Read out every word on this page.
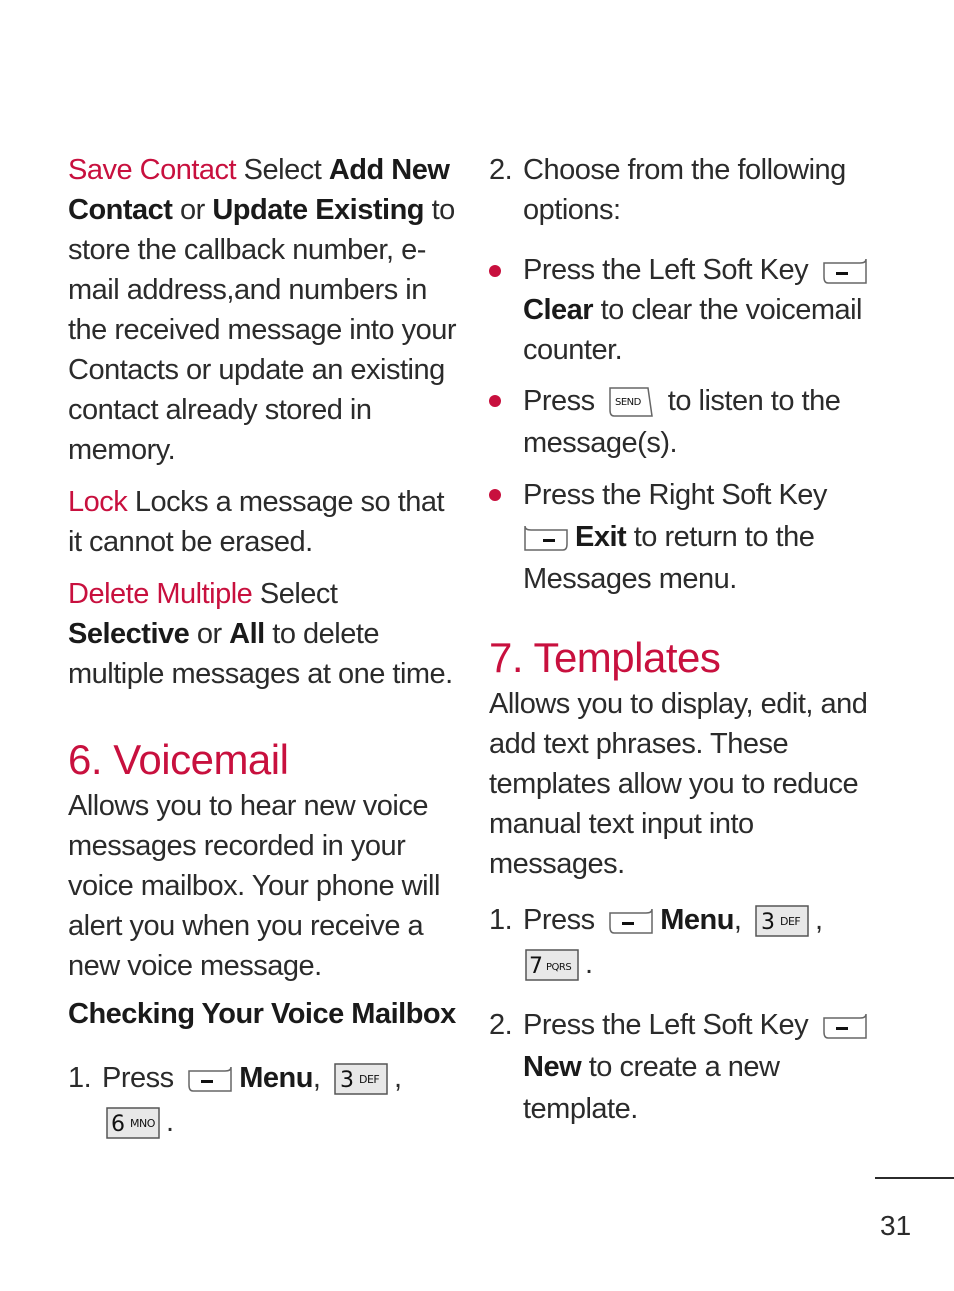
Save Contact Select Add New Contact or Update Existing to store the callback number, e-mail address,and numbers in the received message into your Contacts or update an existing contact already stored in memory.

Lock Locks a message so that it cannot be erased.

Delete Multiple Select Selective or All to delete multiple messages at one time.

6. Voicemail

Allows you to hear new voice messages recorded in your voice mailbox. Your phone will alert you when you receive a new voice message.

Checking Your Voice Mailbox

1. Press Menu, 3 DEF ,

6 MNO .

2. Choose from the following options:

Press the Left Soft Key

Clear to clear the voicemail counter.

Press SEND to listen to the message(s).

Press the Right Soft Key

Exit to return to the Messages menu.

7. Templates

Allows you to display, edit, and add text phrases. These templates allow you to reduce manual text input into messages.

1. Press Menu, 3 DEF ,

7 PQRS .

2. Press the Left Soft Key

New to create a new template.

31
